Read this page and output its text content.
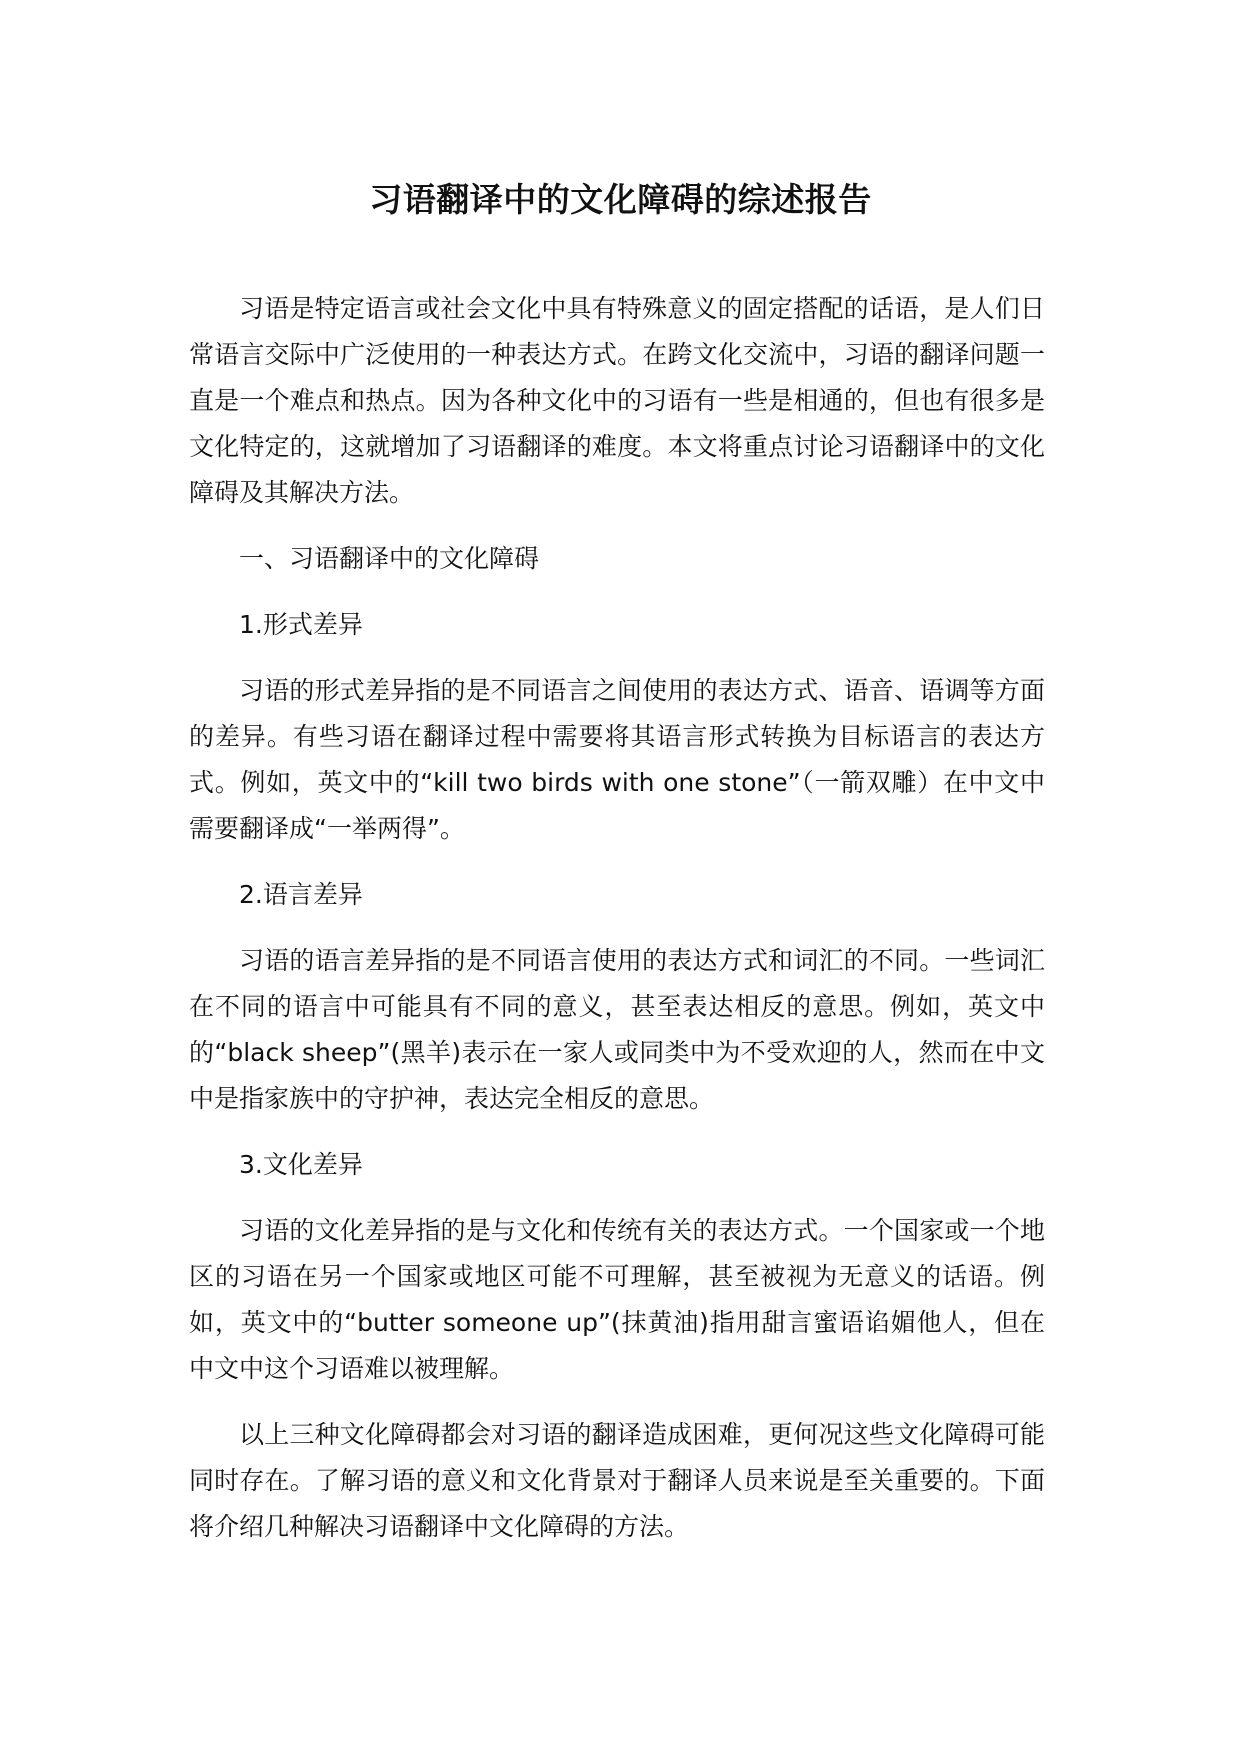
习语翻译中的文化障碍的综述报告

习语是特定语言或社会文化中具有特殊意义的固定搭配的话语，是人们日常语言交际中广泛使用的一种表达方式。在跨文化交流中，习语的翻译问题一直是一个难点和热点。因为各种文化中的习语有一些是相通的，但也有很多是文化特定的，这就增加了习语翻译的难度。本文将重点讨论习语翻译中的文化障碍及其解决方法。

一、习语翻译中的文化障碍

1.形式差异

习语的形式差异指的是不同语言之间使用的表达方式、语音、语调等方面的差异。有些习语在翻译过程中需要将其语言形式转换为目标语言的表达方式。例如，英文中的“kill two birds with one stone”（一箭双雕）在中文中需要翻译成“一举两得”。

2.语言差异

习语的语言差异指的是不同语言使用的表达方式和词汇的不同。一些词汇在不同的语言中可能具有不同的意义，甚至表达相反的意思。例如，英文中的“black sheep”(黑羊)表示在一家人或同类中为不受欢迎的人，然而在中文中是指家族中的守护神，表达完全相反的意思。

3.文化差异

习语的文化差异指的是与文化和传统有关的表达方式。一个国家或一个地区的习语在另一个国家或地区可能不可理解，甚至被视为无意义的话语。例如，英文中的“butter someone up”(抹黄油)指用甜言蜜语谄媚他人，但在中文中这个习语难以被理解。

以上三种文化障碍都会对习语的翻译造成困难，更何况这些文化障碍可能同时存在。了解习语的意义和文化背景对于翻译人员来说是至关重要的。下面将介绍几种解决习语翻译中文化障碍的方法。
